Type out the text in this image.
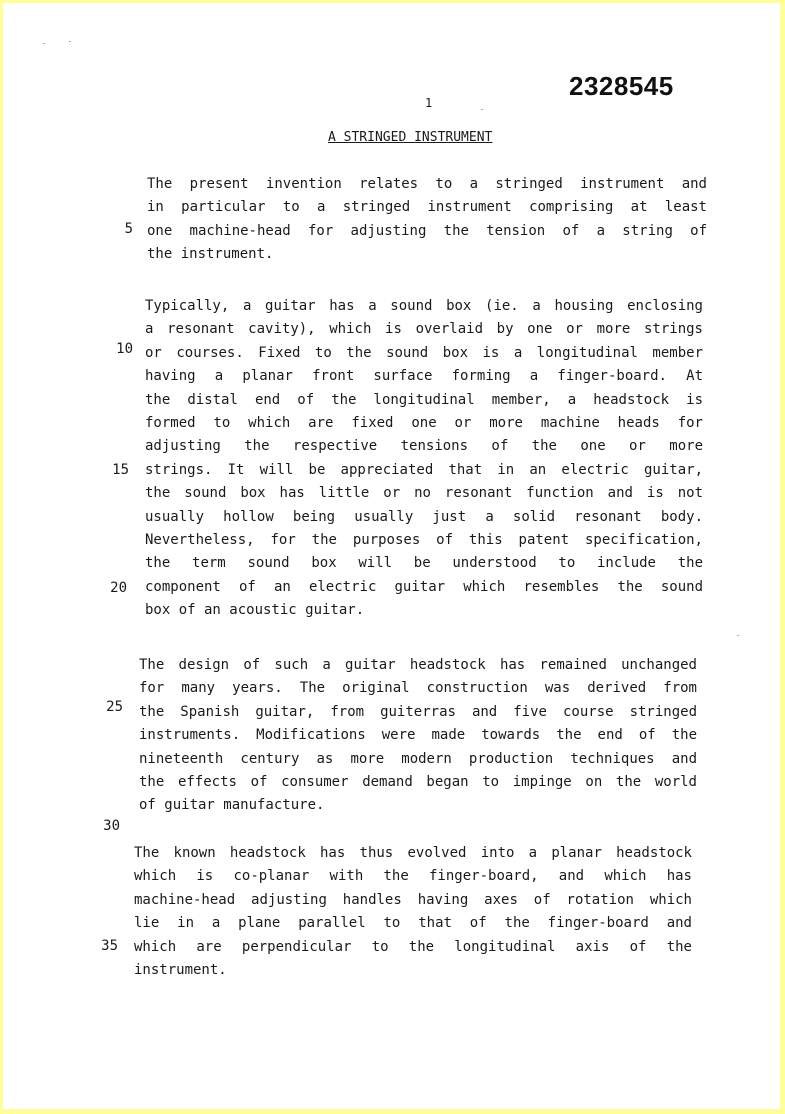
2328545
1
A STRINGED INSTRUMENT
The present invention relates to a stringed instrument and
in particular to a stringed instrument comprising at least
one machine-head for adjusting the tension of a string of
the instrument.
Typically, a guitar has a sound box (ie. a housing enclosing
a resonant cavity), which is overlaid by one or more strings
or courses. Fixed to the sound box is a longitudinal member
having a planar front surface forming a finger-board. At
the distal end of the longitudinal member, a headstock is
formed to which are fixed one or more machine heads for
adjusting the respective tensions of the one or more
strings. It will be appreciated that in an electric guitar,
the sound box has little or no resonant function and is not
usually hollow being usually just a solid resonant body.
Nevertheless, for the purposes of this patent specification,
the term sound box will be understood to include the
component of an electric guitar which resembles the sound
box of an acoustic guitar.
The design of such a guitar headstock has remained unchanged
for many years. The original construction was derived from
the Spanish guitar, from guiterras and five course stringed
instruments. Modifications were made towards the end of the
nineteenth century as more modern production techniques and
the effects of consumer demand began to impinge on the world
of guitar manufacture.
The known headstock has thus evolved into a planar headstock
which is co-planar with the finger-board, and which has
machine-head adjusting handles having axes of rotation which
lie in a plane parallel to that of the finger-board and
which are perpendicular to the longitudinal axis of the
instrument.
5
10
15
20
25
30
35
